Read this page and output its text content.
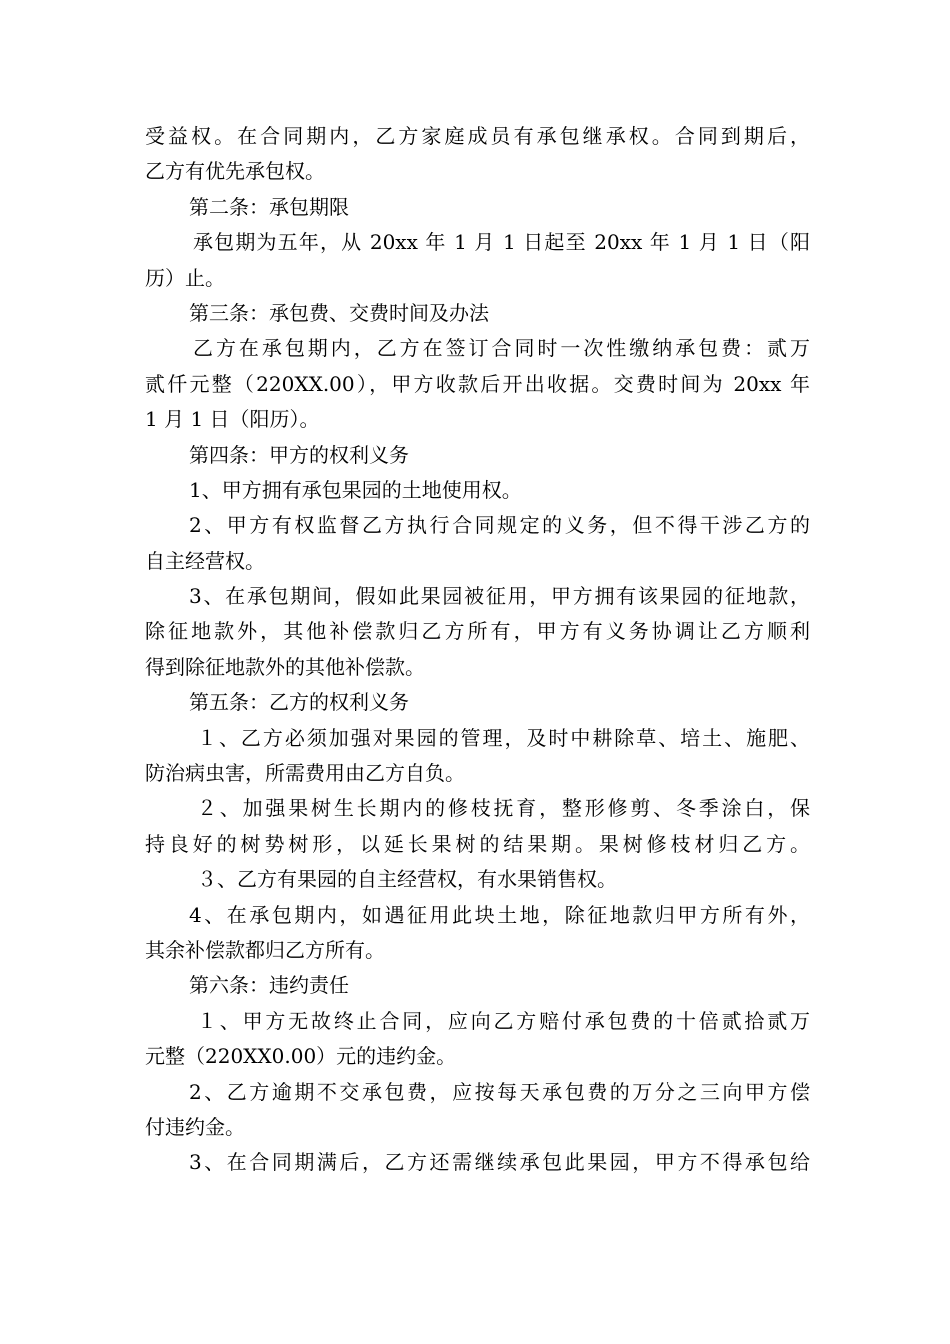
受益权。在合同期内，乙方家庭成员有承包继承权。合同到期后，
乙方有优先承包权。
第二条：承包期限
承包期为五年，从 20xx 年 1 月 1 日起至 20xx 年 1 月 1 日（阳
历）止。
第三条：承包费、交费时间及办法
乙方在承包期内，乙方在签订合同时一次性缴纳承包费：贰万
贰仟元整（220XX.00），甲方收款后开出收据。交费时间为 20xx 年
1 月 1 日（阳历）。
第四条：甲方的权利义务
1、甲方拥有承包果园的土地使用权。
2、甲方有权监督乙方执行合同规定的义务，但不得干涉乙方的
自主经营权。
3、在承包期间，假如此果园被征用，甲方拥有该果园的征地款，
除征地款外，其他补偿款归乙方所有，甲方有义务协调让乙方顺利
得到除征地款外的其他补偿款。
第五条：乙方的权利义务
１、乙方必须加强对果园的管理，及时中耕除草、培土、施肥、
防治病虫害，所需费用由乙方自负。
２、加强果树生长期内的修枝抚育，整形修剪、冬季涂白，保
持良好的树势树形，以延长果树的结果期。果树修枝材归乙方。
３、乙方有果园的自主经营权，有水果销售权。
4、在承包期内，如遇征用此块土地，除征地款归甲方所有外，
其余补偿款都归乙方所有。
第六条：违约责任
１、甲方无故终止合同，应向乙方赔付承包费的十倍贰拾贰万
元整（220XX0.00）元的违约金。
2、乙方逾期不交承包费，应按每天承包费的万分之三向甲方偿
付违约金。
3、在合同期满后，乙方还需继续承包此果园，甲方不得承包给
